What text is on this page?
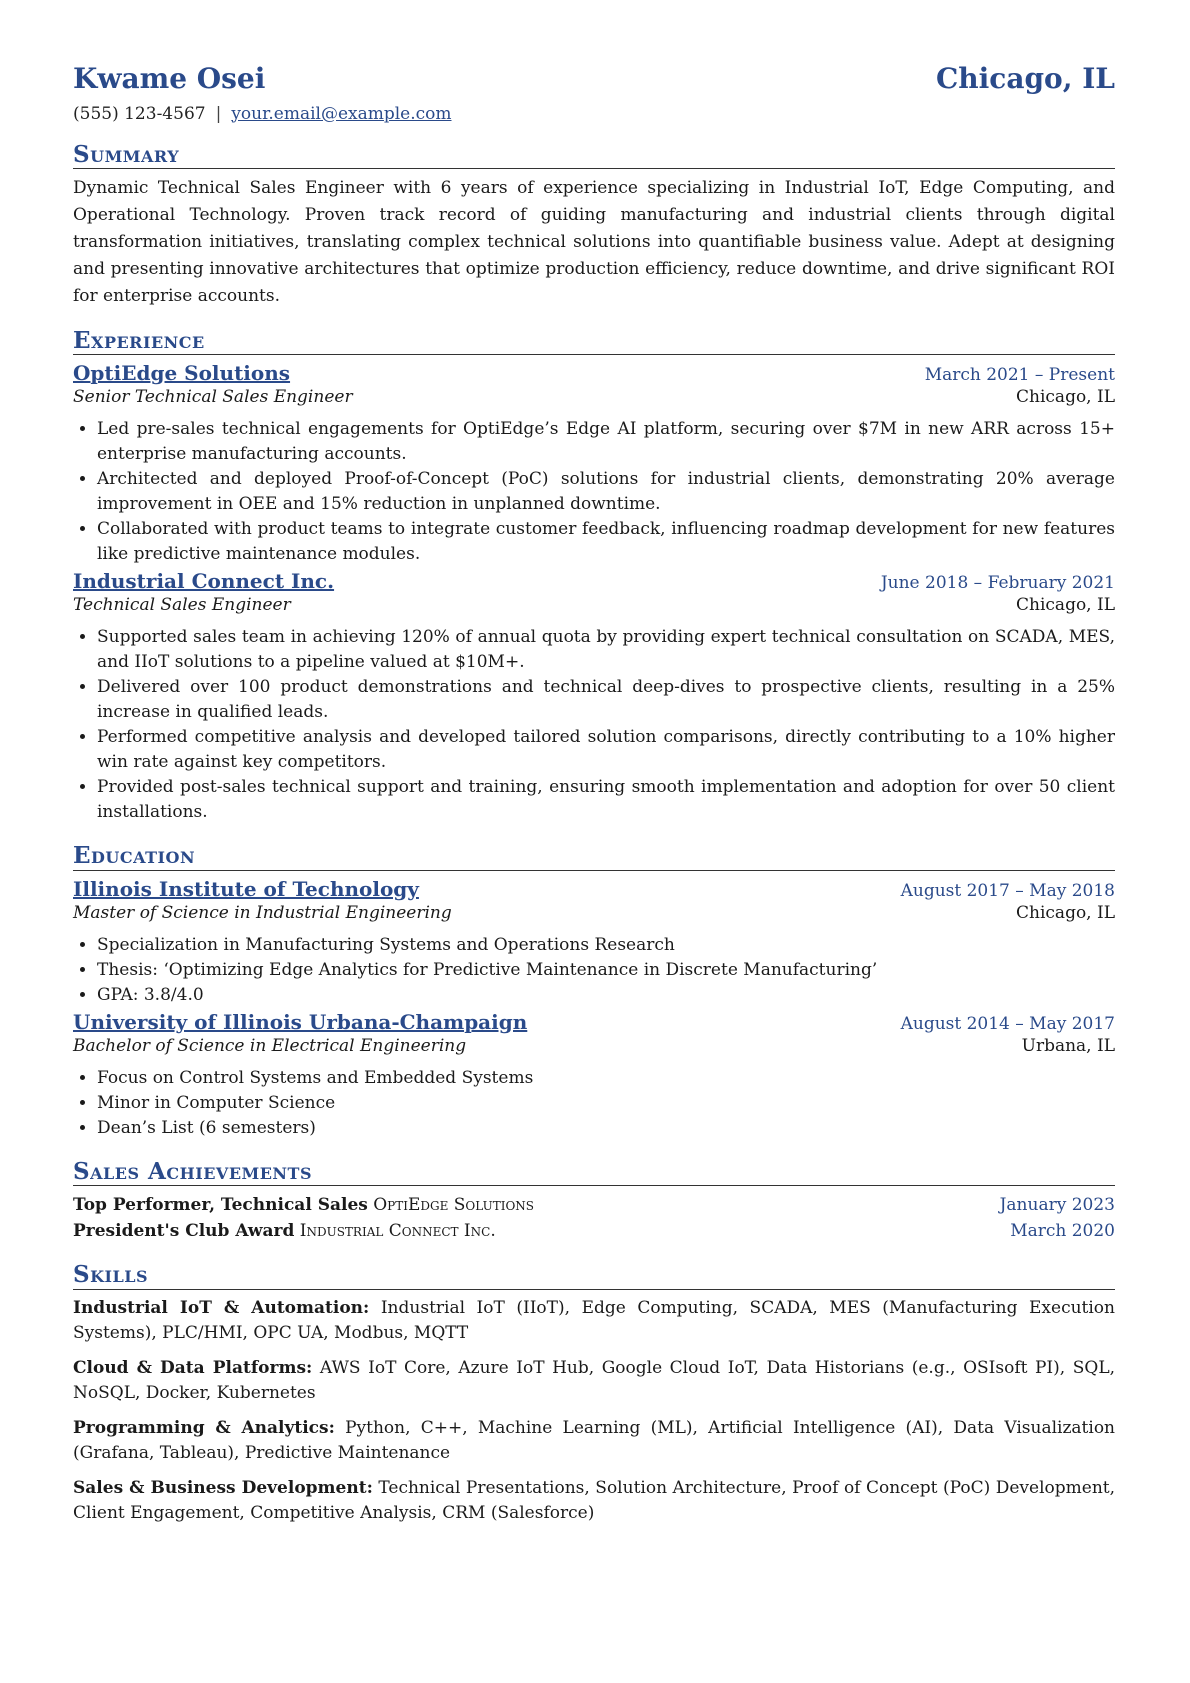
Kwame Osei	Chicago, IL
(555) 123-4567 | your.email@example.com
Summary

Dynamic Technical Sales Engineer with 6 years of experience specializing in Industrial IoT, Edge Computing, and Operational Technology. Proven track record of guiding manufacturing and industrial clients through digital transformation initiatives, translating complex technical solutions into quantifiable business value. Adept at designing and presenting innovative architectures that optimize production efficiency, reduce downtime, and drive significant ROI for enterprise accounts.

Experience
OptiEdge Solutions	March 2021 – Present
Senior Technical Sales Engineer	Chicago, IL
• Led pre-sales technical engagements for OptiEdge’s Edge AI platform, securing over $7M in new ARR across 15+ enterprise manufacturing accounts.
• Architected and deployed Proof-of-Concept (PoC) solutions for industrial clients, demonstrating 20% average improvement in OEE and 15% reduction in unplanned downtime.
• Collaborated with product teams to integrate customer feedback, influencing roadmap development for new features like predictive maintenance modules.
Industrial Connect Inc.	June 2018 – February 2021
Technical Sales Engineer	Chicago, IL
• Supported sales team in achieving 120% of annual quota by providing expert technical consultation on SCADA, MES, and IIoT solutions to a pipeline valued at $10M+.
• Delivered over 100 product demonstrations and technical deep-dives to prospective clients, resulting in a 25% increase in qualified leads.
• Performed competitive analysis and developed tailored solution comparisons, directly contributing to a 10% higher win rate against key competitors.
• Provided post-sales technical support and training, ensuring smooth implementation and adoption for over 50 client installations.
Education
Illinois Institute of Technology	August 2017 – May 2018
Master of Science in Industrial Engineering	Chicago, IL
• Specialization in Manufacturing Systems and Operations Research
• Thesis: ‘Optimizing Edge Analytics for Predictive Maintenance in Discrete Manufacturing’
• GPA: 3.8/4.0
University of Illinois Urbana-Champaign	August 2014 – May 2017
Bachelor of Science in Electrical Engineering	Urbana, IL
• Focus on Control Systems and Embedded Systems
• Minor in Computer Science
• Dean’s List (6 semesters)
Sales Achievements
Top Performer, Technical Sales OptiEdge Solutions	January 2023
President's Club Award Industrial Connect Inc.	March 2020
Skills

Industrial IoT & Automation: Industrial IoT (IIoT), Edge Computing, SCADA, MES (Manufacturing Execution Systems), PLC/HMI, OPC UA, Modbus, MQTT

Cloud & Data Platforms: AWS IoT Core, Azure IoT Hub, Google Cloud IoT, Data Historians (e.g., OSIsoft PI), SQL, NoSQL, Docker, Kubernetes

Programming & Analytics: Python, C++, Machine Learning (ML), Artificial Intelligence (AI), Data Visualization (Grafana, Tableau), Predictive Maintenance

Sales & Business Development: Technical Presentations, Solution Architecture, Proof of Concept (PoC) Development, Client Engagement, Competitive Analysis, CRM (Salesforce)
